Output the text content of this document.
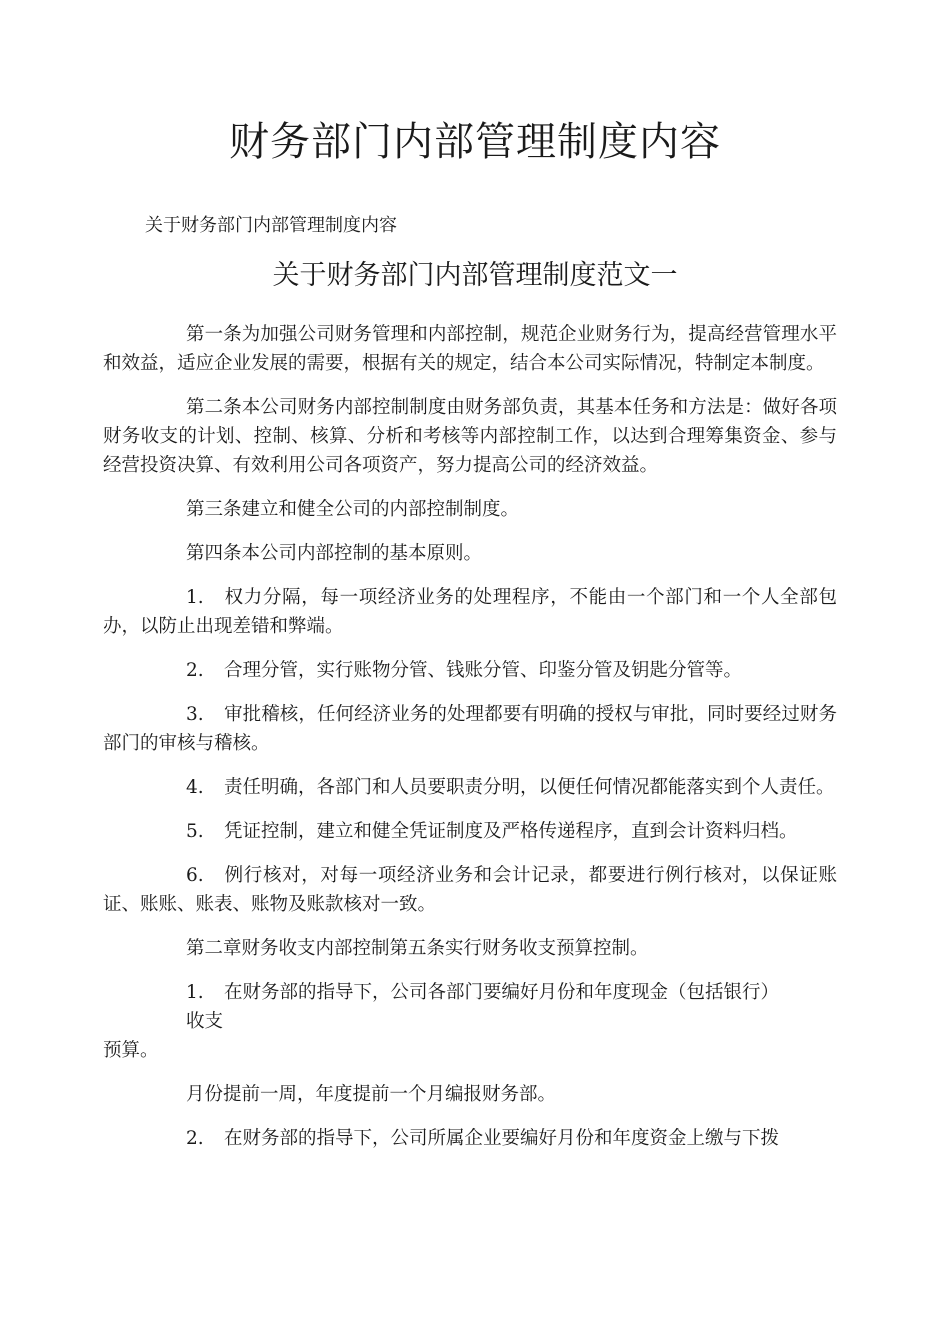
财务部门内部管理制度内容

关于财务部门内部管理制度内容

关于财务部门内部管理制度范文一

第一条为加强公司财务管理和内部控制，规范企业财务行为，提高经营管理水平和效益，适应企业发展的需要，根据有关的规定，结合本公司实际情况，特制定本制度。

第二条本公司财务内部控制制度由财务部负责，其基本任务和方法是：做好各项财务收支的计划、控制、核算、分析和考核等内部控制工作，以达到合理筹集资金、参与经营投资决算、有效利用公司各项资产，努力提高公司的经济效益。

第三条建立和健全公司的内部控制制度。

第四条本公司内部控制的基本原则。

1. 权力分隔，每一项经济业务的处理程序，不能由一个部门和一个人全部包办，以防止出现差错和弊端。

2. 合理分管，实行账物分管、钱账分管、印鉴分管及钥匙分管等。

3. 审批稽核，任何经济业务的处理都要有明确的授权与审批，同时要经过财务部门的审核与稽核。

4. 责任明确，各部门和人员要职责分明，以便任何情况都能落实到个人责任。

5. 凭证控制，建立和健全凭证制度及严格传递程序，直到会计资料归档。

6. 例行核对，对每一项经济业务和会计记录，都要进行例行核对，以保证账证、账账、账表、账物及账款核对一致。

第二章财务收支内部控制第五条实行财务收支预算控制。

1. 在财务部的指导下，公司各部门要编好月份和年度现金（包括银行）
收支
预算。

月份提前一周，年度提前一个月编报财务部。

2. 在财务部的指导下，公司所属企业要编好月份和年度资金上缴与下拨
